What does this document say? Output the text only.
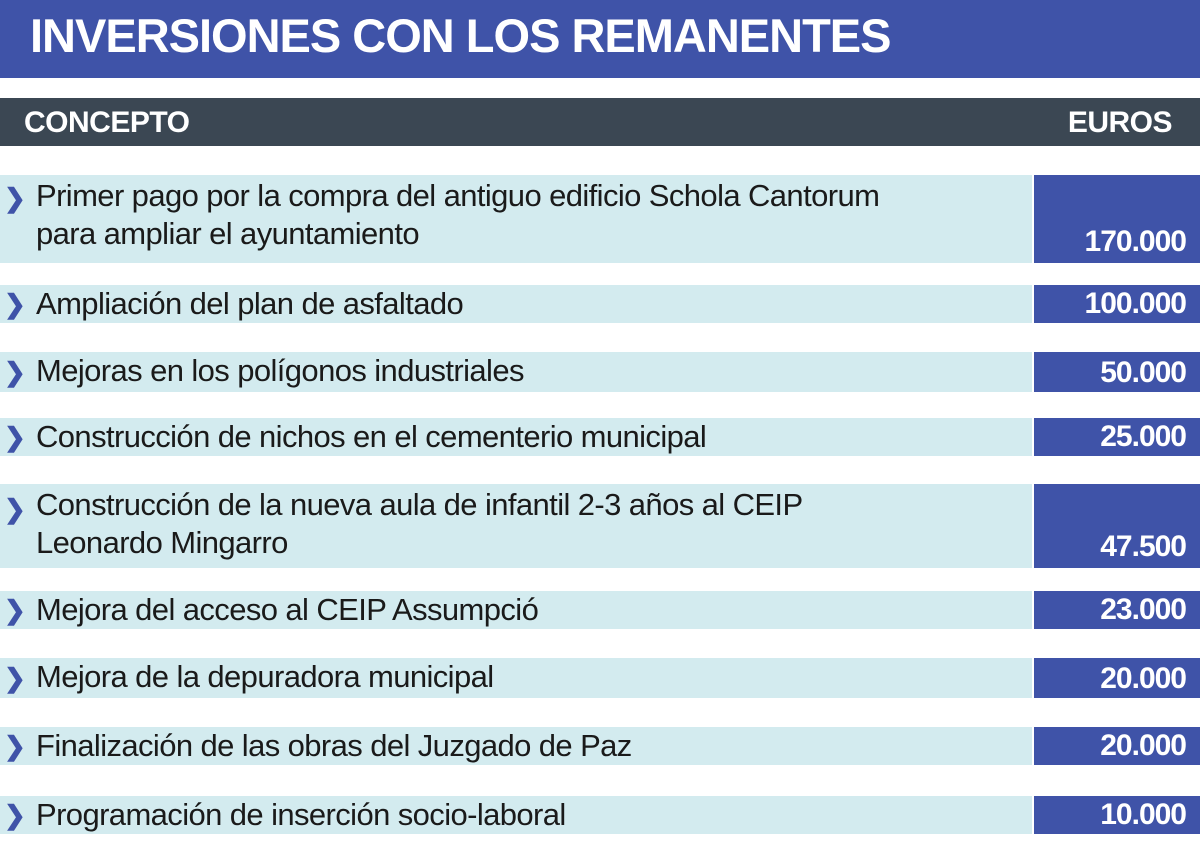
INVERSIONES CON LOS REMANENTES
CONCEPTO	EUROS
❯ Primer pago por la compra del antiguo edificio Schola Cantorum
para ampliar el ayuntamiento	170.000
❯ Ampliación del plan de asfaltado	100.000
❯ Mejoras en los polígonos industriales	50.000
❯ Construcción de nichos en el cementerio municipal	25.000
❯ Construcción de la nueva aula de infantil 2-3 años al CEIP
Leonardo Mingarro	47.500
❯ Mejora del acceso al CEIP Assumpció	23.000
❯ Mejora de la depuradora municipal	20.000
❯ Finalización de las obras del Juzgado de Paz	20.000
❯ Programación de inserción socio-laboral	10.000
